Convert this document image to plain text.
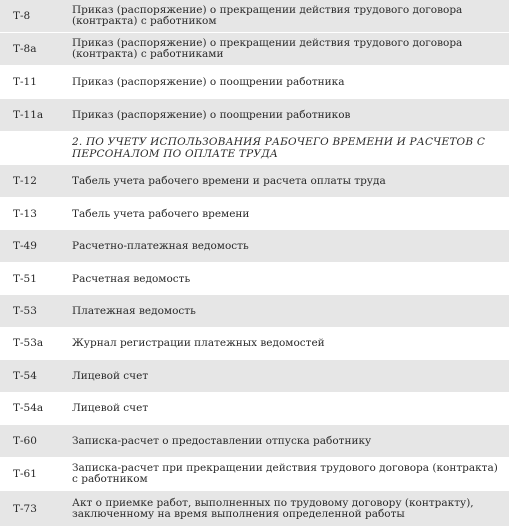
Т-8	Приказ (распоряжение) о прекращении действия трудового договора (контракта) с работником
Т-8а	Приказ (распоряжение) о прекращении действия трудового договора (контракта) с работниками
Т-11	Приказ (распоряжение) о поощрении работника
Т-11а	Приказ (распоряжение) о поощрении работников
2. ПО УЧЕТУ ИСПОЛЬЗОВАНИЯ РАБОЧЕГО ВРЕМЕНИ И РАСЧЕТОВ С ПЕРСОНАЛОМ ПО ОПЛАТЕ ТРУДА
Т-12	Табель учета рабочего времени и расчета оплаты труда
Т-13	Табель учета рабочего времени
Т-49	Расчетно-платежная ведомость
Т-51	Расчетная ведомость
Т-53	Платежная ведомость
Т-53а	Журнал регистрации платежных ведомостей
Т-54	Лицевой счет
Т-54а	Лицевой счет
Т-60	Записка-расчет о предоставлении отпуска работнику
Т-61	Записка-расчет при прекращении действия трудового договора (контракта) с работником
Т-73	Акт о приемке работ, выполненных по трудовому договору (контракту), заключенному на время выполнения определенной работы
